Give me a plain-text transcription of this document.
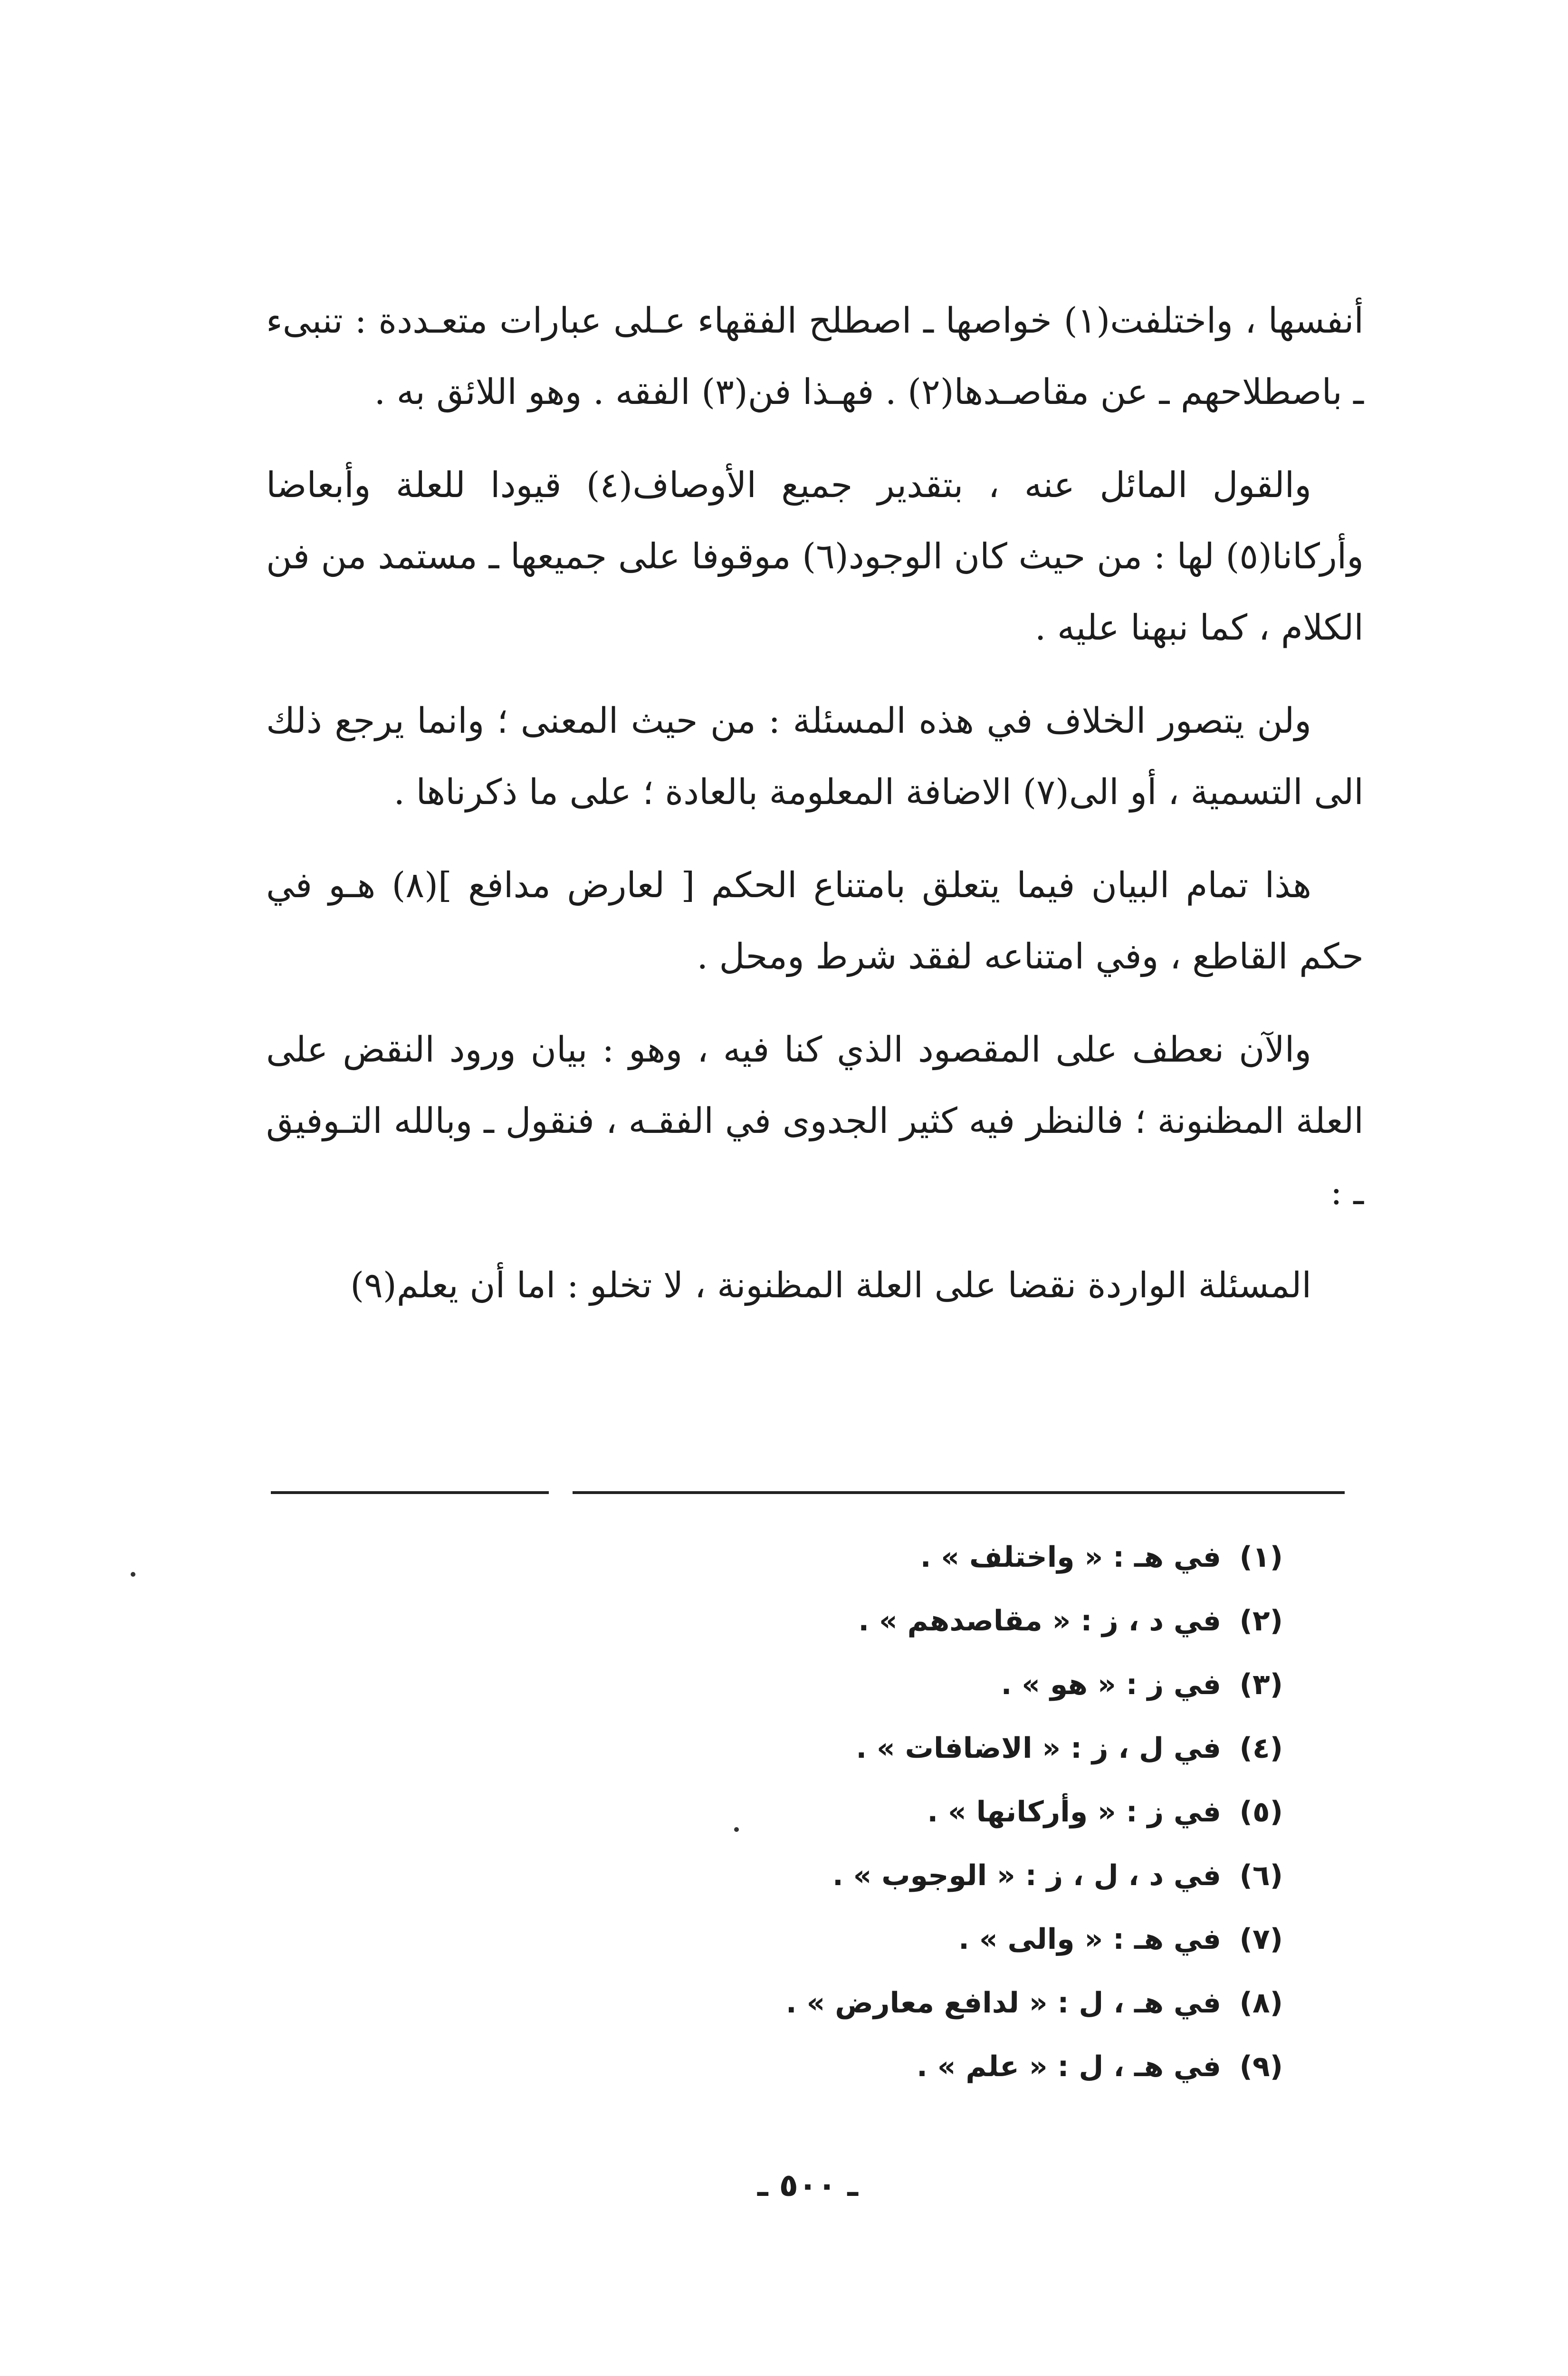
أنفسها ، واختلفت(١) خواصها ـ اصطلح الفقهاء عـلى عبارات متعـددة : تنبىء ـ باصطلاحهم ـ عن مقاصـدها(٢) . فهـذا فن(٣) الفقه . وهو اللائق به .

والقول المائل عنه ، بتقدير جميع الأوصاف(٤) قيودا للعلة وأبعاضا وأركانا(٥) لها : من حيث كان الوجود(٦) موقوفا على جميعها ـ مستمد من فن الكلام ، كما نبهنا عليه .

ولن يتصور الخلاف في هذه المسئلة : من حيث المعنى ؛ وانما يرجع ذلك الى التسمية ، أو الى(٧) الاضافة المعلومة بالعادة ؛ على ما ذكرناها .

هذا تمام البيان فيما يتعلق بامتناع الحكم [ لعارض مدافع ](٨) هـو في حكم القاطع ، وفي امتناعه لفقد شرط ومحل .

والآن نعطف على المقصود الذي كنا فيه ، وهو : بيان ورود النقض على العلة المظنونة ؛ فالنظر فيه كثير الجدوى في الفقـه ، فنقول ـ وبالله التـوفيق ـ :

المسئلة الواردة نقضا على العلة المظنونة ، لا تخلو : اما أن يعلم(٩)

(١)في هـ : « واختلف » .
(٢)في د ، ز : « مقاصدهم » .
(٣)في ز : « هو » .
(٤)في ل ، ز : « الاضافات » .
(٥)في ز : « وأركانها » .
(٦)في د ، ل ، ز : « الوجوب » .
(٧)في هـ : « والى » .
(٨)في هـ ، ل : « لدافع معارض » .
(٩)في هـ ، ل : « علم » .
ـ ٥٠٠ ـ
